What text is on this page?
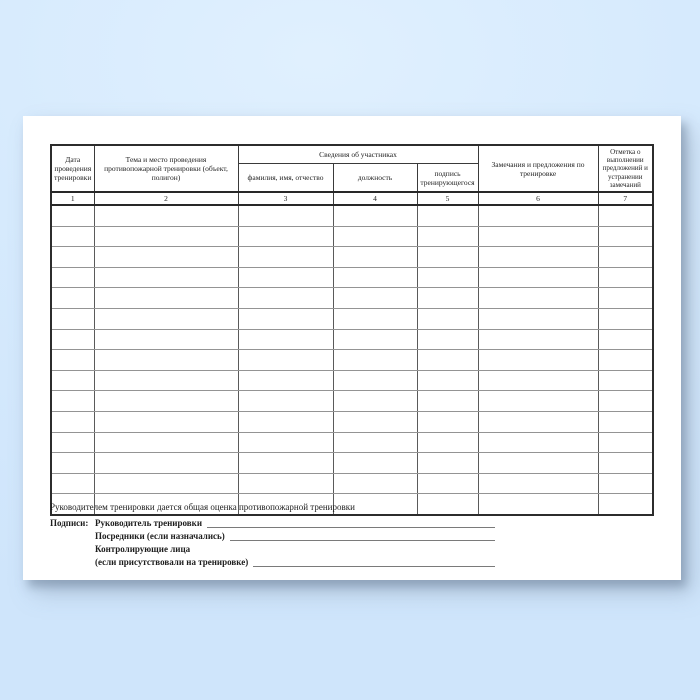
Дата проведения тренировки	Тема и место проведения противопожарной тренировки (объект, полигон)	Сведения об участниках			Замечания и предложения по тренировке	Отметка о выполнении предложений и устранении замечаний
		фамилия, имя, отчество	должность	подпись тренирующегося		
1	2	3	4	5	6	7

Руководителем тренировки дается общая оценка противопожарной тренировки
Подписи: Руководитель тренировки
Посредники (если назначались)
Контролирующие лица
(если присутствовали на тренировке)
